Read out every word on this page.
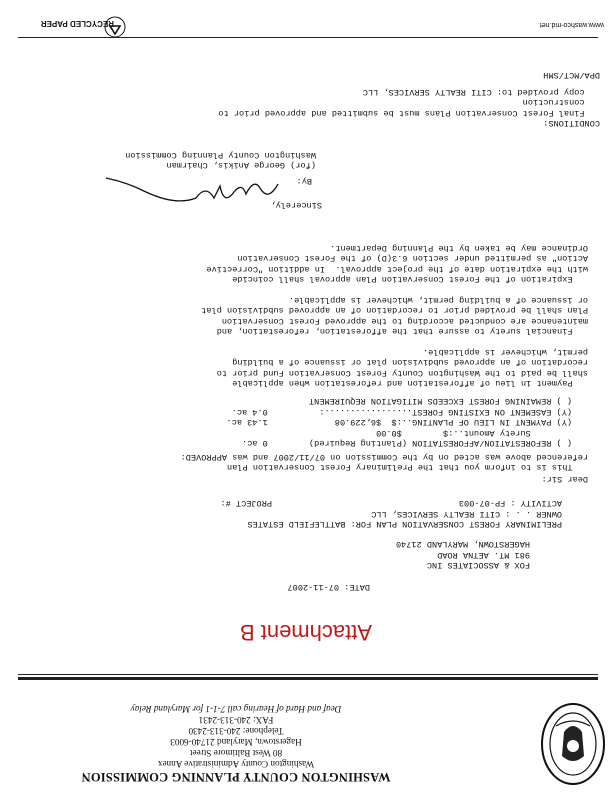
WASHINGTON COUNTY PLANNING COMMISSION
Washington County Administrative Annex
80 West Baltimore Street
Hagerstown, Maryland 21740-6003
Telephone: 240-313-2430
FAX: 240-313-2431
Deaf and Hard of Hearing call 7-1-1 for Maryland Relay
Attachment B
DATE: 07-11-2007
FOX & ASSOCIATES INC
981 MT. AETNA ROAD
HAGERSTOWN, MARYLAND 21740
PRELIMINARY FOREST CONSERVATION PLAN FOR: BATTLEFIELD ESTATES
OWNER . . : CITI REALTY SERVICES, LLC
ACTIVITY : FP-07-003
PROJECT #:
Dear Sir:
This is to inform you that the Preliminary Forest Conservation Plan
referenced above was acted on by the Commission on 07/11/2007 and was APPROVED:
( ) REFORESTATION/AFFORESTATION (Planting Required)        0 ac.
Surety Amount..:$        $0.00
(Y) PAYMENT IN LIEU OF PLANTING..:$  $6,229.08             1.43 ac.
(Y) EASEMENT ON EXISTING FOREST.................:          0.4 ac.
( ) REMAINING FOREST EXCEEDS MITIGATION REQUIREMENT
Payment in lieu of afforestation and reforestation when applicable
shall be paid to the Washington County Forest Conservation Fund prior to
recordation of an approved subdivision plat or issuance of a building
permit, whichever is applicable.
Financial surety to assure that the afforestation, reforestation, and
maintenance are conducted according to the approved Forest Conservation
Plan shall be provided prior to recordation of an approved subdivision plat
or issuance of a building permit, whichever is applicable.
Expiration of the Forest Conservation Plan approval shall coincide
with the expiration date of the project approval.  In addition "Corrective
Action" as permitted under section 6.3(D) of the Forest Conservation
Ordinance may be taken by the Planning Department.
Sincerely,
By:
(for) George Anikis, Chairman
Washington County Planning Commission
CONDITIONS:
Final Forest Conservation Plans must be submitted and approved prior to
construction
copy provided to: CITI REALTY SERVICES, LLC
DPA/MCT/SMH
RECYCLED PAPER	www.washco-md.net
